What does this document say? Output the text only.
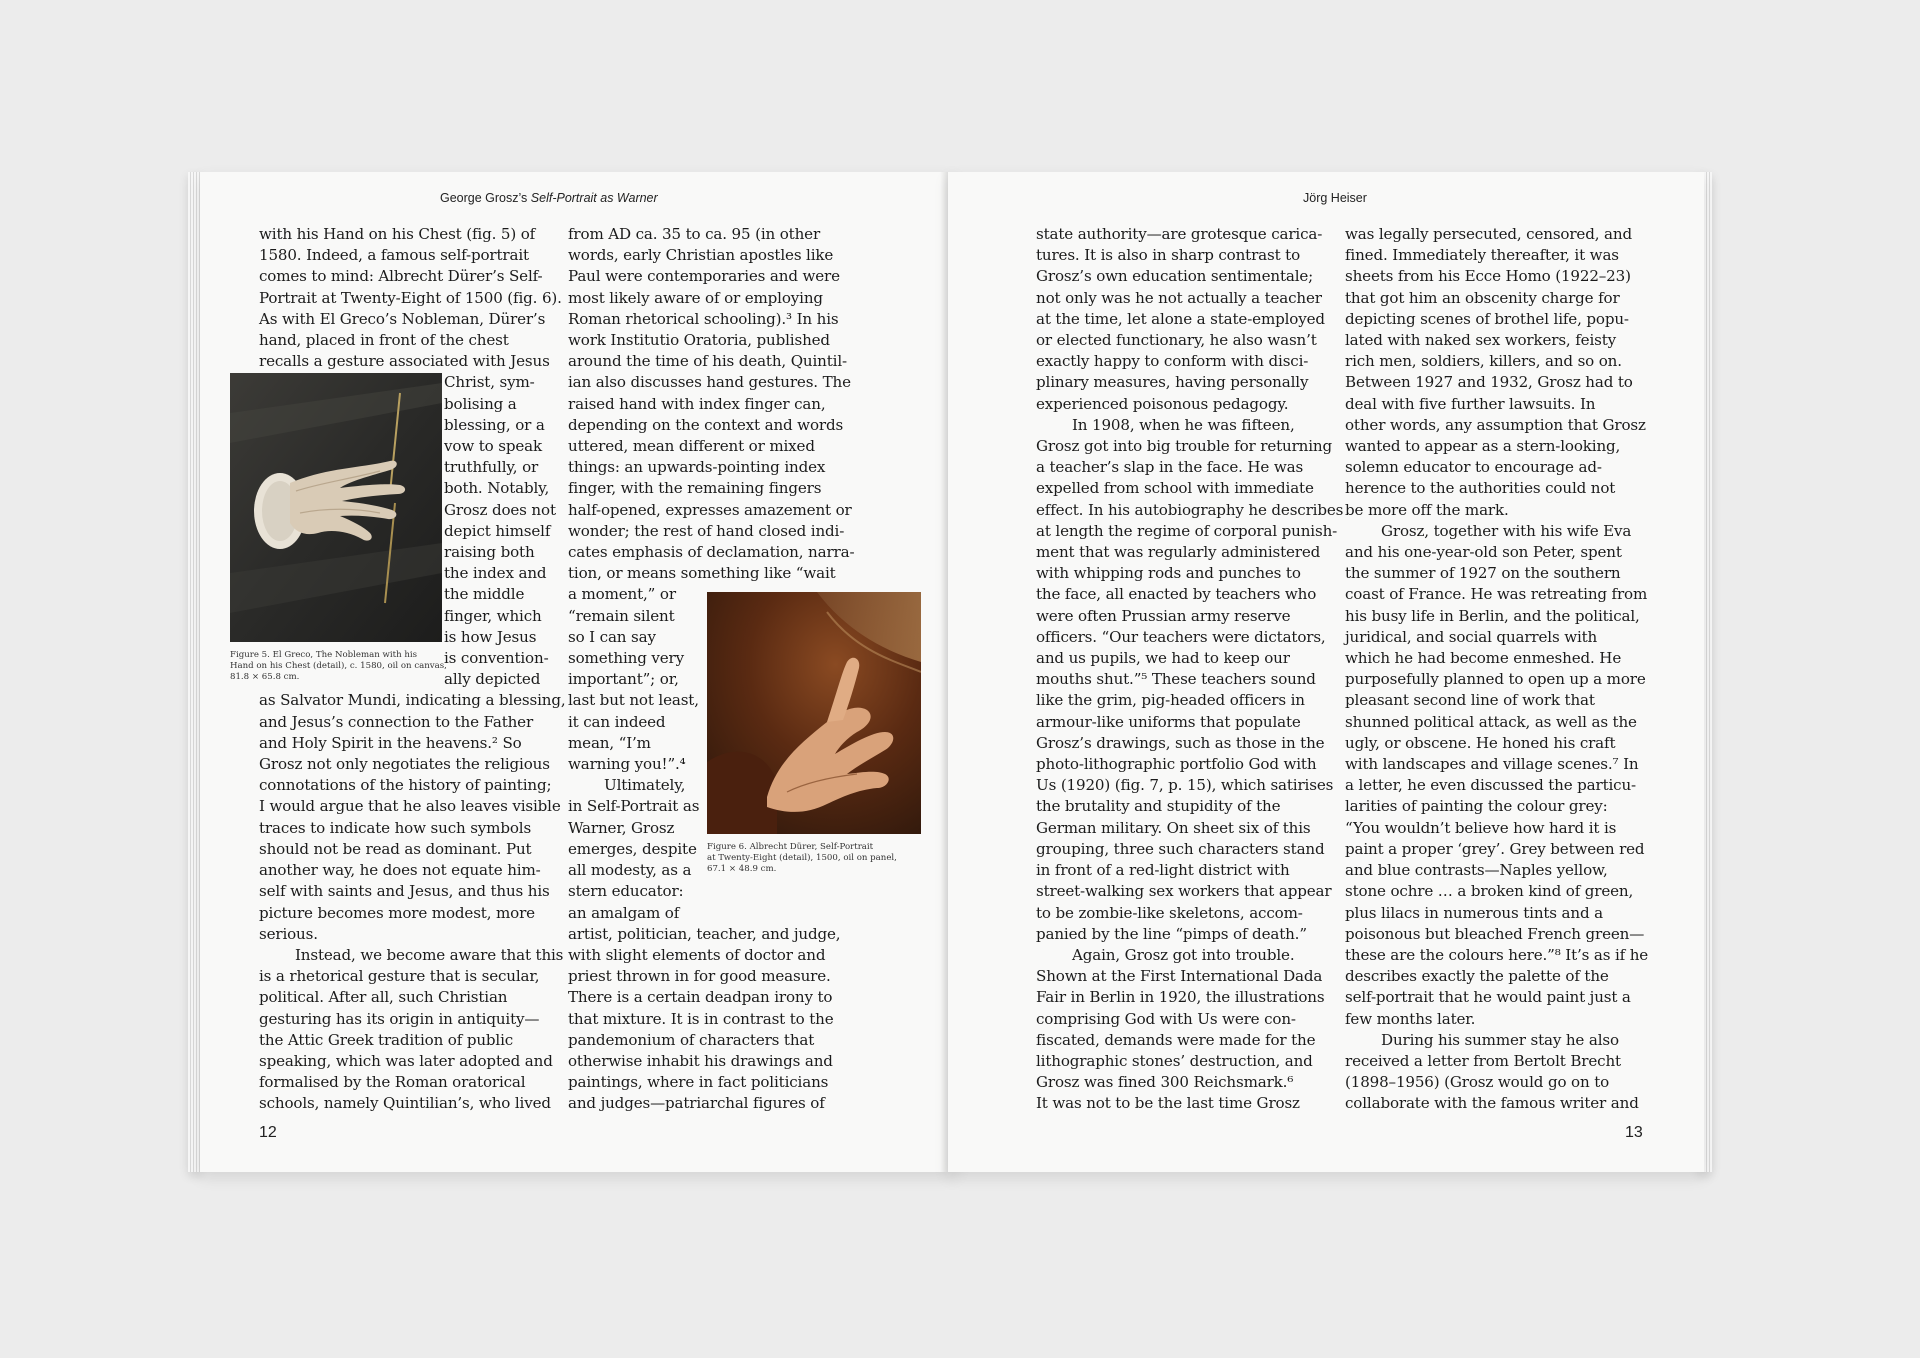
George Grosz’s Self-Portrait as Warner
with his Hand on his Chest (fig. 5) of
1580. Indeed, a famous self-portrait
comes to mind: Albrecht Dürer’s Self-
Portrait at Twenty-Eight of 1500 (fig. 6).
As with El Greco’s Nobleman, Dürer’s
hand, placed in front of the chest
recalls a gesture associated with Jesus
Christ, sym-
bolising a
blessing, or a
vow to speak
truthfully, or
both. Notably,
Grosz does not
depict himself
raising both
the index and
the middle
finger, which
is how Jesus
is convention-
ally depicted
as Salvator Mundi, indicating a blessing,
and Jesus’s connection to the Father
and Holy Spirit in the heavens.² So
Grosz not only negotiates the religious
connotations of the history of painting;
I would argue that he also leaves visible
traces to indicate how such symbols
should not be read as dominant. Put
another way, he does not equate him-
self with saints and Jesus, and thus his
picture becomes more modest, more
serious.
Instead, we become aware that this
is a rhetorical gesture that is secular,
political. After all, such Christian
gesturing has its origin in antiquity—
the Attic Greek tradition of public
speaking, which was later adopted and
formalised by the Roman oratorical
schools, namely Quintilian’s, who lived
Figure 5. El Greco, The Nobleman with his
Hand on his Chest (detail), c. 1580, oil on canvas,
81.8 × 65.8 cm.
from AD ca. 35 to ca. 95 (in other
words, early Christian apostles like
Paul were contemporaries and were
most likely aware of or employing
Roman rhetorical schooling).³ In his
work Institutio Oratoria, published
around the time of his death, Quintil-
ian also discusses hand gestures. The
raised hand with index finger can,
depending on the context and words
uttered, mean different or mixed
things: an upwards-pointing index
finger, with the remaining fingers
half-opened, expresses amazement or
wonder; the rest of hand closed indi-
cates emphasis of declamation, narra-
tion, or means something like “wait
a moment,” or
“remain silent
so I can say
something very
important”; or,
last but not least,
it can indeed
mean, “I’m
warning you!”.⁴
Ultimately,
in Self-Portrait as
Warner, Grosz
emerges, despite
all modesty, as a
stern educator:
an amalgam of
artist, politician, teacher, and judge,
with slight elements of doctor and
priest thrown in for good measure.
There is a certain deadpan irony to
that mixture. It is in contrast to the
pandemonium of characters that
otherwise inhabit his drawings and
paintings, where in fact politicians
and judges—patriarchal figures of
Figure 6. Albrecht Dürer, Self-Portrait
at Twenty-Eight (detail), 1500, oil on panel,
67.1 × 48.9 cm.
12
Jörg Heiser
state authority—are grotesque carica-
tures. It is also in sharp contrast to
Grosz’s own education sentimentale;
not only was he not actually a teacher
at the time, let alone a state-employed
or elected functionary, he also wasn’t
exactly happy to conform with disci-
plinary measures, having personally
experienced poisonous pedagogy.
In 1908, when he was fifteen,
Grosz got into big trouble for returning
a teacher’s slap in the face. He was
expelled from school with immediate
effect. In his autobiography he describes
at length the regime of corporal punish-
ment that was regularly administered
with whipping rods and punches to
the face, all enacted by teachers who
were often Prussian army reserve
officers. “Our teachers were dictators,
and us pupils, we had to keep our
mouths shut.”⁵ These teachers sound
like the grim, pig-headed officers in
armour-like uniforms that populate
Grosz’s drawings, such as those in the
photo-lithographic portfolio God with
Us (1920) (fig. 7, p. 15), which satirises
the brutality and stupidity of the
German military. On sheet six of this
grouping, three such characters stand
in front of a red-light district with
street-walking sex workers that appear
to be zombie-like skeletons, accom-
panied by the line “pimps of death.”
Again, Grosz got into trouble.
Shown at the First International Dada
Fair in Berlin in 1920, the illustrations
comprising God with Us were con-
fiscated, demands were made for the
lithographic stones’ destruction, and
Grosz was fined 300 Reichsmark.⁶
It was not to be the last time Grosz
was legally persecuted, censored, and
fined. Immediately thereafter, it was
sheets from his Ecce Homo (1922–23)
that got him an obscenity charge for
depicting scenes of brothel life, popu-
lated with naked sex workers, feisty
rich men, soldiers, killers, and so on.
Between 1927 and 1932, Grosz had to
deal with five further lawsuits. In
other words, any assumption that Grosz
wanted to appear as a stern-looking,
solemn educator to encourage ad-
herence to the authorities could not
be more off the mark.
Grosz, together with his wife Eva
and his one-year-old son Peter, spent
the summer of 1927 on the southern
coast of France. He was retreating from
his busy life in Berlin, and the political,
juridical, and social quarrels with
which he had become enmeshed. He
purposefully planned to open up a more
pleasant second line of work that
shunned political attack, as well as the
ugly, or obscene. He honed his craft
with landscapes and village scenes.⁷ In
a letter, he even discussed the particu-
larities of painting the colour grey:
“You wouldn’t believe how hard it is
paint a proper ‘grey’. Grey between red
and blue contrasts—Naples yellow,
stone ochre … a broken kind of green,
plus lilacs in numerous tints and a
poisonous but bleached French green—
these are the colours here.”⁸ It’s as if he
describes exactly the palette of the
self-portrait that he would paint just a
few months later.
During his summer stay he also
received a letter from Bertolt Brecht
(1898–1956) (Grosz would go on to
collaborate with the famous writer and
13
